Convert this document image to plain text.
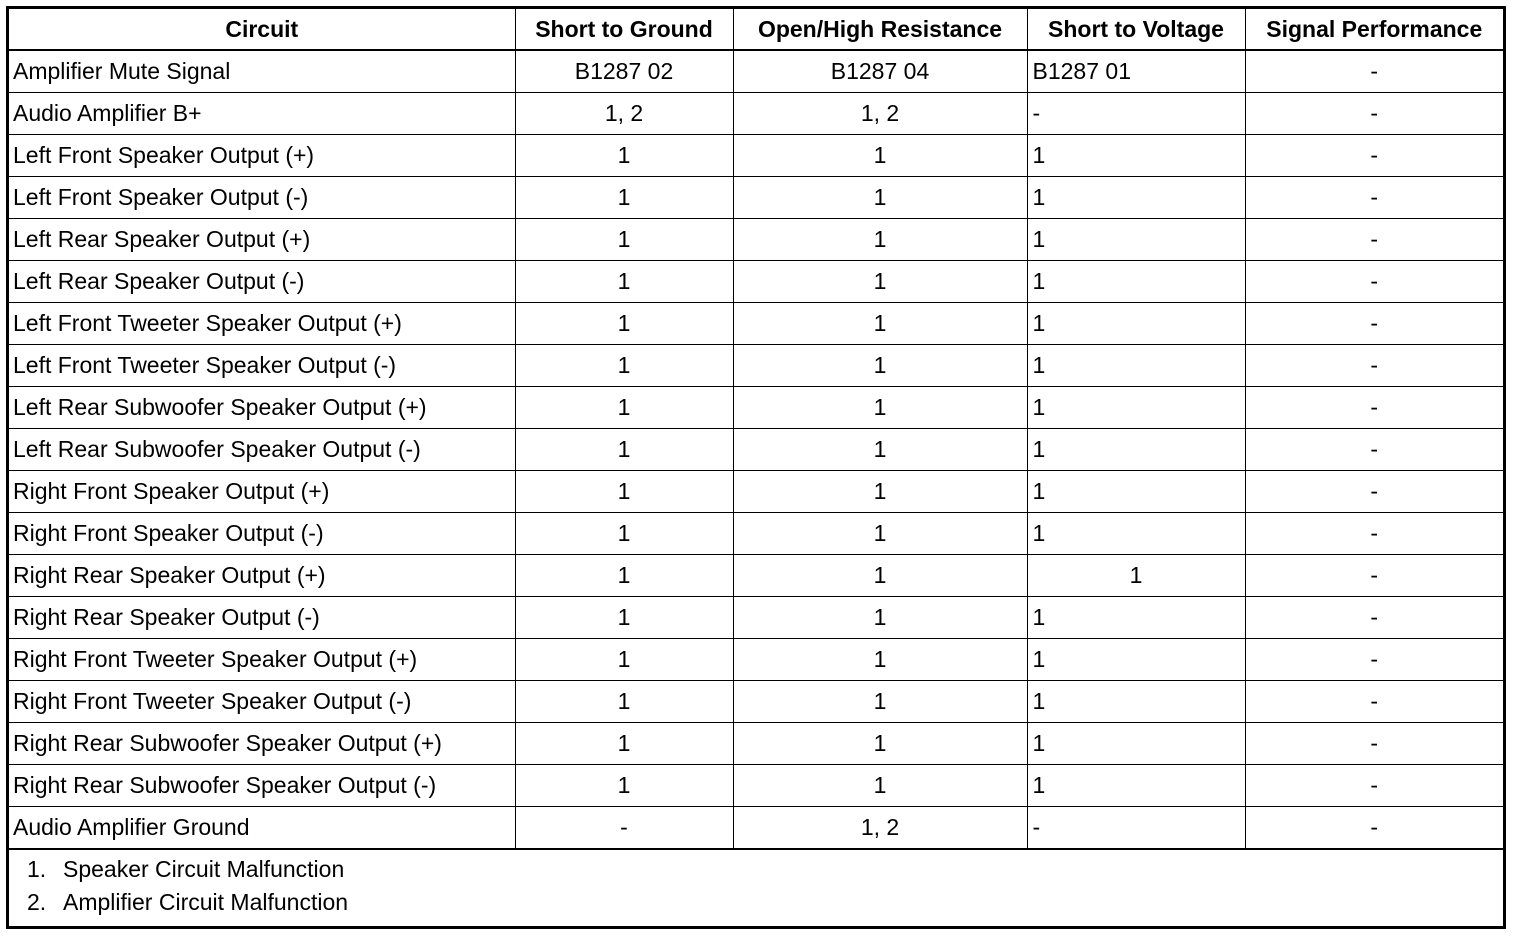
Circuit	Short to Ground	Open/High Resistance	Short to Voltage	Signal Performance
Amplifier Mute Signal	B1287 02	B1287 04	B1287 01	-
Audio Amplifier B+	1, 2	1, 2	-	-
Left Front Speaker Output (+)	1	1	1	-
Left Front Speaker Output (-)	1	1	1	-
Left Rear Speaker Output (+)	1	1	1	-
Left Rear Speaker Output (-)	1	1	1	-
Left Front Tweeter Speaker Output (+)	1	1	1	-
Left Front Tweeter Speaker Output (-)	1	1	1	-
Left Rear Subwoofer Speaker Output (+)	1	1	1	-
Left Rear Subwoofer Speaker Output (-)	1	1	1	-
Right Front Speaker Output (+)	1	1	1	-
Right Front Speaker Output (-)	1	1	1	-
Right Rear Speaker Output (+)	1	1	1	-
Right Rear Speaker Output (-)	1	1	1	-
Right Front Tweeter Speaker Output (+)	1	1	1	-
Right Front Tweeter Speaker Output (-)	1	1	1	-
Right Rear Subwoofer Speaker Output (+)	1	1	1	-
Right Rear Subwoofer Speaker Output (-)	1	1	1	-
Audio Amplifier Ground	-	1, 2	-	-
1. Speaker Circuit Malfunction
2. Amplifier Circuit Malfunction
